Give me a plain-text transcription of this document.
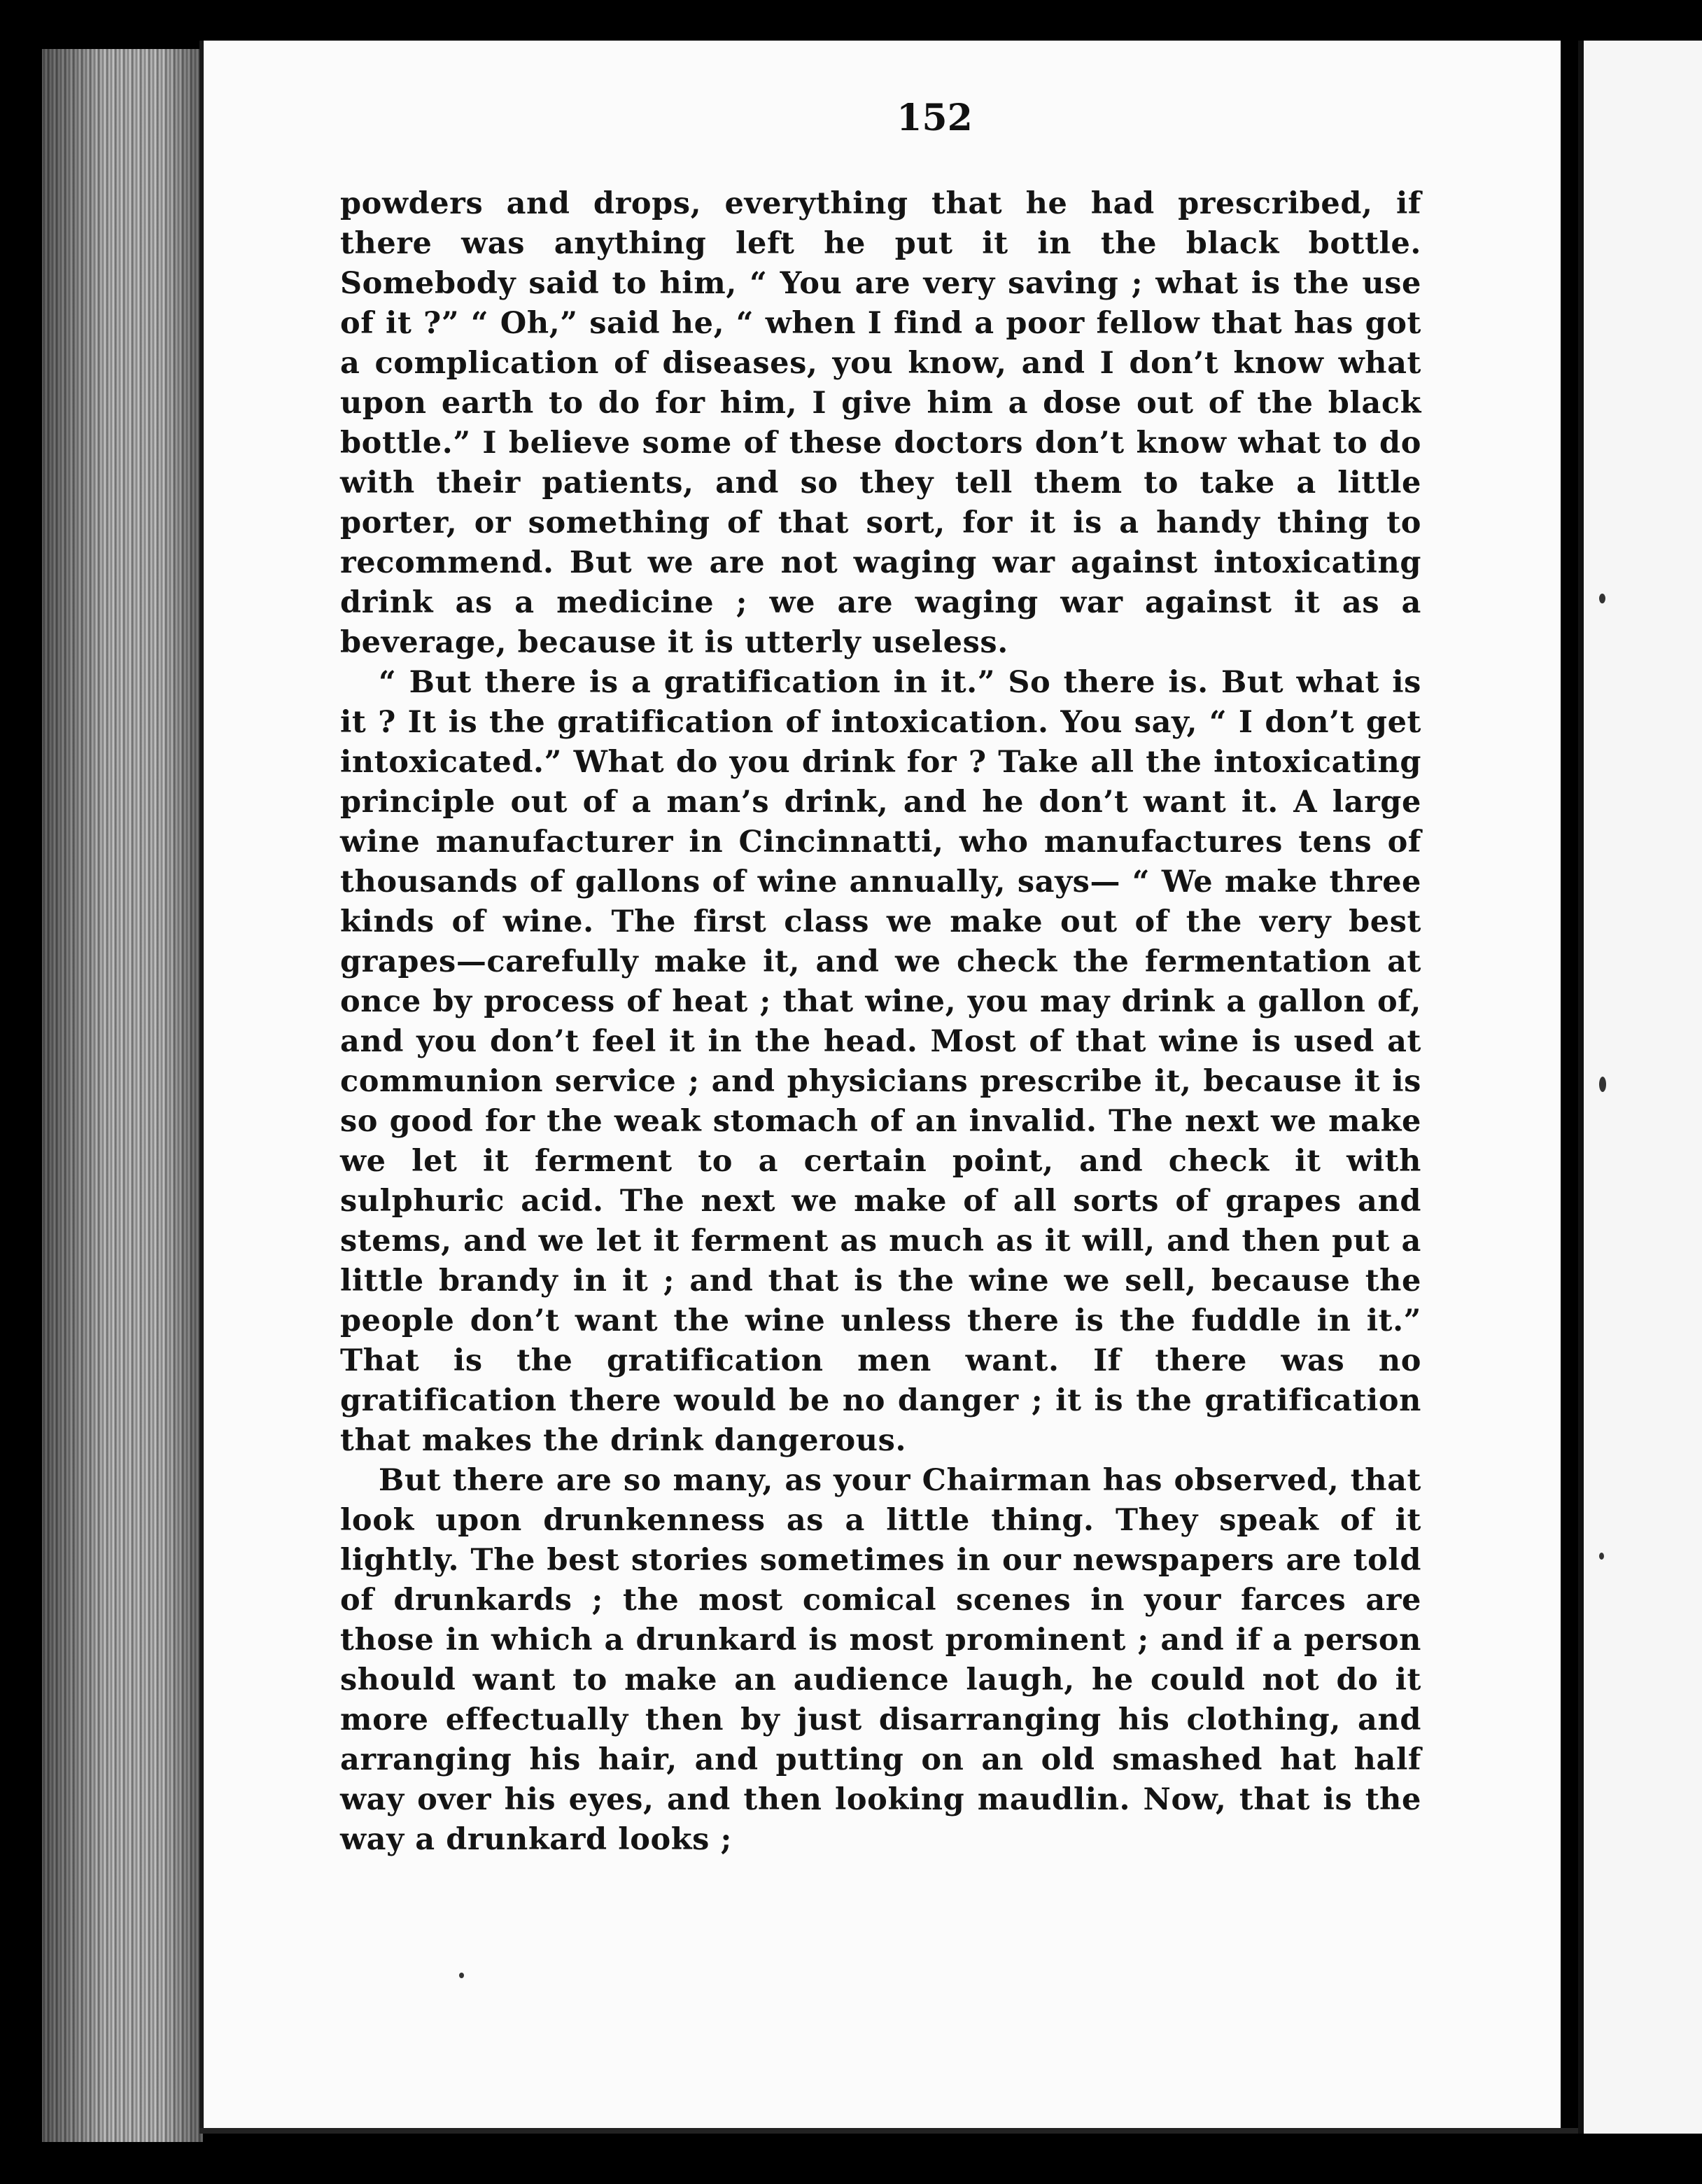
152

powders and drops, everything that he had prescribed, if there was anything left he put it in the black bottle. Somebody said to him, “ You are very saving ; what is the use of it ?” “ Oh,” said he, “ when I find a poor fellow that has got a complication of diseases, you know, and I don’t know what upon earth to do for him, I give him a dose out of the black bottle.” I believe some of these doctors don’t know what to do with their patients, and so they tell them to take a little porter, or something of that sort, for it is a handy thing to recommend. But we are not waging war against intoxicating drink as a medicine ; we are waging war against it as a beverage, because it is utterly useless.

“ But there is a gratification in it.” So there is. But what is it ? It is the gratification of intoxication. You say, “ I don’t get intoxicated.” What do you drink for ? Take all the intoxicating principle out of a man’s drink, and he don’t want it. A large wine manufacturer in Cincinnatti, who manufactures tens of thousands of gallons of wine annually, says— “ We make three kinds of wine. The first class we make out of the very best grapes—carefully make it, and we check the fermentation at once by process of heat ; that wine, you may drink a gallon of, and you don’t feel it in the head. Most of that wine is used at communion service ; and physicians prescribe it, because it is so good for the weak stomach of an invalid. The next we make we let it ferment to a certain point, and check it with sulphuric acid. The next we make of all sorts of grapes and stems, and we let it ferment as much as it will, and then put a little brandy in it ; and that is the wine we sell, because the people don’t want the wine unless there is the fuddle in it.” That is the gratification men want. If there was no gratification there would be no danger ; it is the gratification that makes the drink dangerous.

But there are so many, as your Chairman has observed, that look upon drunkenness as a little thing. They speak of it lightly. The best stories sometimes in our newspapers are told of drunkards ; the most comical scenes in your farces are those in which a drunkard is most prominent ; and if a person should want to make an audience laugh, he could not do it more effectually then by just disarranging his clothing, and arranging his hair, and putting on an old smashed hat half way over his eyes, and then looking maudlin. Now, that is the way a drunkard looks ;
